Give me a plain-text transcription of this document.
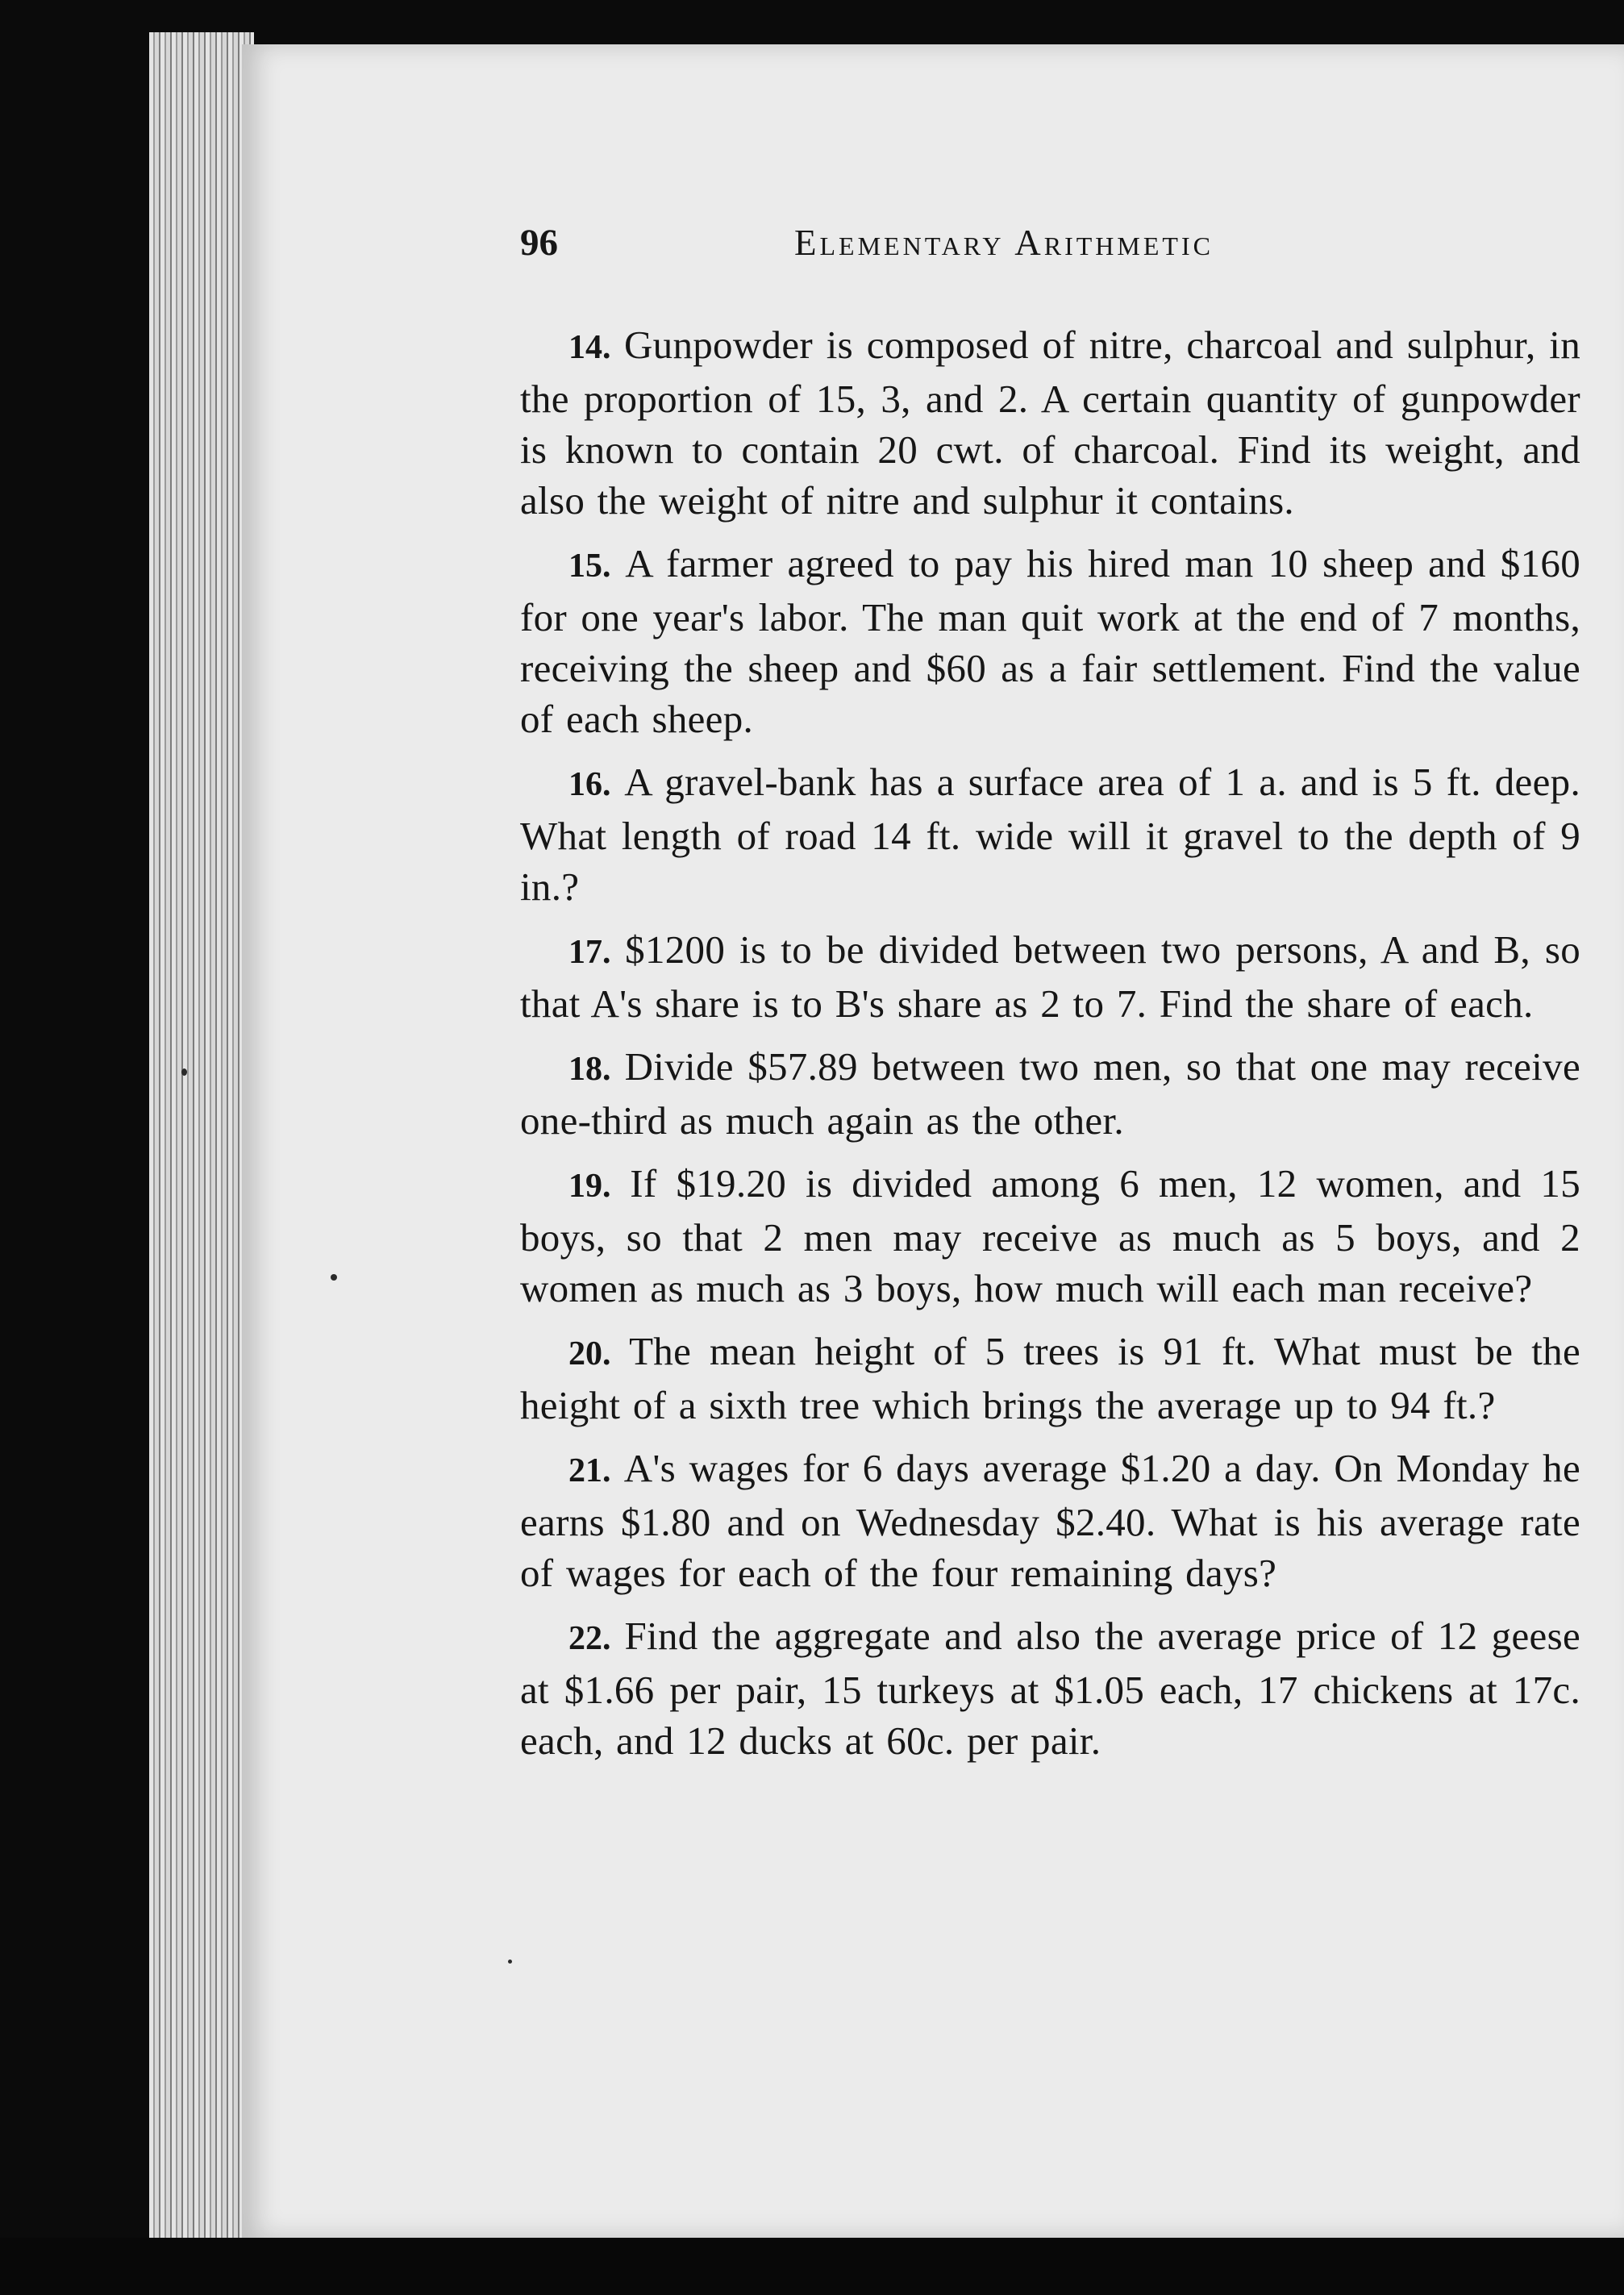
96	Elementary Arithmetic

14. Gunpowder is composed of nitre, charcoal and sulphur, in the proportion of 15, 3, and 2. A certain quantity of gunpowder is known to contain 20 cwt. of charcoal. Find its weight, and also the weight of nitre and sulphur it contains.

15. A farmer agreed to pay his hired man 10 sheep and $160 for one year's labor. The man quit work at the end of 7 months, receiving the sheep and $60 as a fair settlement. Find the value of each sheep.

16. A gravel-bank has a surface area of 1 a. and is 5 ft. deep. What length of road 14 ft. wide will it gravel to the depth of 9 in.?

17. $1200 is to be divided between two persons, A and B, so that A's share is to B's share as 2 to 7. Find the share of each.

18. Divide $57.89 between two men, so that one may receive one-third as much again as the other.

19. If $19.20 is divided among 6 men, 12 women, and 15 boys, so that 2 men may receive as much as 5 boys, and 2 women as much as 3 boys, how much will each man receive?

20. The mean height of 5 trees is 91 ft. What must be the height of a sixth tree which brings the average up to 94 ft.?

21. A's wages for 6 days average $1.20 a day. On Monday he earns $1.80 and on Wednesday $2.40. What is his average rate of wages for each of the four remaining days?

22. Find the aggregate and also the average price of 12 geese at $1.66 per pair, 15 turkeys at $1.05 each, 17 chickens at 17c. each, and 12 ducks at 60c. per pair.
